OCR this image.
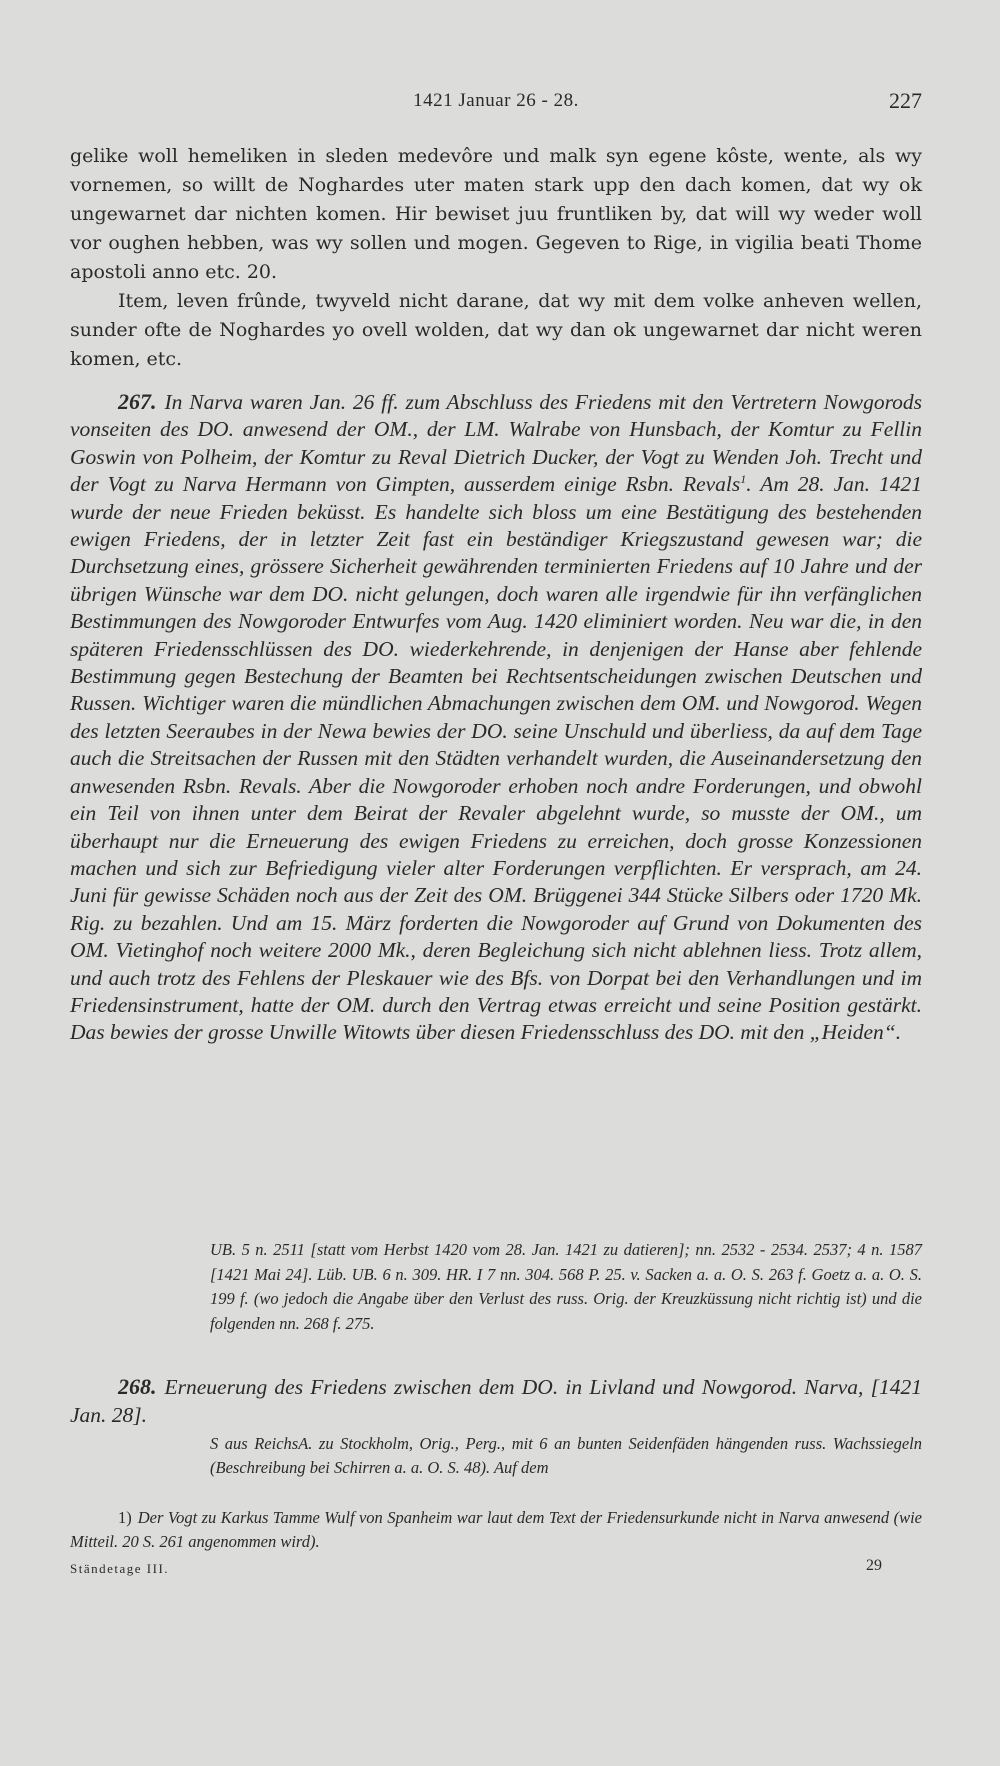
1421 Januar 26 - 28.	227

gelike woll hemeliken in sleden medevôre und malk syn egene kôste, wente, als wy vornemen, so willt de Noghardes uter maten stark upp den dach komen, dat wy ok ungewarnet dar nichten komen. Hir bewiset juu fruntliken by, dat will wy weder woll vor oughen hebben, was wy sollen und mogen. Gegeven to Rige, in vigilia beati Thome apostoli anno etc. 20.

Item, leven frûnde, twyveld nicht darane, dat wy mit dem volke anheven wellen, sunder ofte de Noghardes yo ovell wolden, dat wy dan ok ungewarnet dar nicht weren komen, etc.

267. In Narva waren Jan. 26 ff. zum Abschluss des Friedens mit den Vertretern Nowgorods vonseiten des DO. anwesend der OM., der LM. Walrabe von Hunsbach, der Komtur zu Fellin Goswin von Polheim, der Komtur zu Reval Dietrich Ducker, der Vogt zu Wenden Joh. Trecht und der Vogt zu Narva Hermann von Gimpten, ausserdem einige Rsbn. Revals$^1$. Am 28. Jan. 1421 wurde der neue Frieden beküsst. Es handelte sich bloss um eine Bestätigung des bestehenden ewigen Friedens, der in letzter Zeit fast ein beständiger Kriegszustand gewesen war; die Durchsetzung eines, grössere Sicherheit gewährenden terminierten Friedens auf 10 Jahre und der übrigen Wünsche war dem DO. nicht gelungen, doch waren alle irgendwie für ihn verfänglichen Bestimmungen des Nowgoroder Entwurfes vom Aug. 1420 eliminiert worden. Neu war die, in den späteren Friedensschlüssen des DO. wiederkehrende, in denjenigen der Hanse aber fehlende Bestimmung gegen Bestechung der Beamten bei Rechtsentscheidungen zwischen Deutschen und Russen. Wichtiger waren die mündlichen Abmachungen zwischen dem OM. und Nowgorod. Wegen des letzten Seeraubes in der Newa bewies der DO. seine Unschuld und überliess, da auf dem Tage auch die Streitsachen der Russen mit den Städten verhandelt wurden, die Auseinandersetzung den anwesenden Rsbn. Revals. Aber die Nowgoroder erhoben noch andre Forderungen, und obwohl ein Teil von ihnen unter dem Beirat der Revaler abgelehnt wurde, so musste der OM., um überhaupt nur die Erneuerung des ewigen Friedens zu erreichen, doch grosse Konzessionen machen und sich zur Befriedigung vieler alter Forderungen verpflichten. Er versprach, am 24. Juni für gewisse Schäden noch aus der Zeit des OM. Brüggenei 344 Stücke Silbers oder 1720 Mk. Rig. zu bezahlen. Und am 15. März forderten die Nowgoroder auf Grund von Dokumenten des OM. Vietinghof noch weitere 2000 Mk., deren Begleichung sich nicht ablehnen liess. Trotz allem, und auch trotz des Fehlens der Pleskauer wie des Bfs. von Dorpat bei den Verhandlungen und im Friedensinstrument, hatte der OM. durch den Vertrag etwas erreicht und seine Position gestärkt. Das bewies der grosse Unwille Witowts über diesen Friedensschluss des DO. mit den „Heiden“.

UB. 5 n. 2511 [statt vom Herbst 1420 vom 28. Jan. 1421 zu datieren]; nn. 2532 - 2534. 2537; 4 n. 1587 [1421 Mai 24]. Lüb. UB. 6 n. 309. HR. I 7 nn. 304. 568 P. 25. v. Sacken a. a. O. S. 263 f. Goetz a. a. O. S. 199 f. (wo jedoch die Angabe über den Verlust des russ. Orig. der Kreuzküssung nicht richtig ist) und die folgenden nn. 268 f. 275.

268. Erneuerung des Friedens zwischen dem DO. in Livland und Nowgorod. Narva, [1421 Jan. 28].

S aus ReichsA. zu Stockholm, Orig., Perg., mit 6 an bunten Seidenfäden hängenden russ. Wachssiegeln (Beschreibung bei Schirren a. a. O. S. 48). Auf dem

1) Der Vogt zu Karkus Tamme Wulf von Spanheim war laut dem Text der Friedensurkunde nicht in Narva anwesend (wie Mitteil. 20 S. 261 angenommen wird).

Ständetage III.	29
